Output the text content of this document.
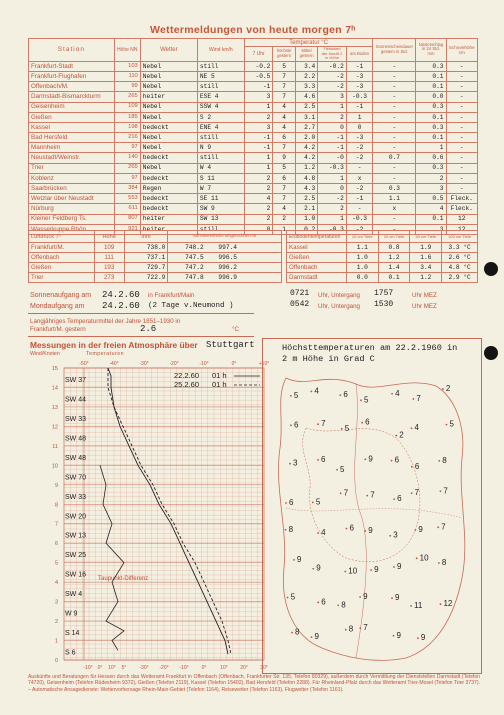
Wettermeldungen von heute morgen 7ʰ
Station	Höhe NN	Wetter	Wind km/h	Temperatur °C					Sonnenscheindauer gestern in Std.	Niederschlag in 24 Std. mm	Schneehöhe cm
				7 Uhr	höchste gestern	Mittel gestern	Tiefstwert der Nacht 2 m Höhe	am Boden			
Frankfurt-Stadt	103	Nebel	still	-0.2	5	3.4	-0.2	-1	-	0.3	-
Frankfurt-Flughafen	110	Nebel	NE 5	-0.5	7	2.2	-2	-3	-	0.1	-
Offenbach/M.	99	Nebel	still	-1	7	3.3	-2	-3	-	0.1	-
Darmstadt-Bismarckturm	265	heiter	ESE 4	3	7	4.6	3	-0.3	-	0.0	-
Geisenheim	109	Nebel	SSW 4	1	4	2.5	1	-1	-	0.3	-
Gießen	185	Nebel	S 2	2	4	3.1	2	1	-	0.1	-
Kassel	198	bedeckt	ENE 4	3	4	2.7	0	0	-	0.3	-
Bad Hersfeld	216	Nebel	still	-1	6	2.0	-1	-3	-	0.1	-
Mannheim	97	Nebel	N 9	-1	7	4.2	-1	-2	-	1	-
Neustadt/Weinstr.	140	bedeckt	still	1	9	4.2	-0	-2	0.7	0.6	-
Trier	265	Nebel	W 4	1	5	1.2	-0.3	-	-	0.3	-
Koblenz	97	bedeckt	S 11	2	6	4.8	1	x	-	2	-
Saarbrücken	384	Regen	W 7	2	7	4.3	0	-2	0.3	3	-
Wetzlar über Neustadt	553	bedeckt	SE 11	4	7	2.5	-2	-1	1.1	0.5	Fleck.
Nürburg	611	bedeckt	SW 9	2	4	2.1	2	-	x	4	Fleck.
Kleiner Feldberg Ts.	807	heiter	SW 13	2	2	1.0	1	-0.3	-	0.1	12
Wasserkuppe Rhön	921	heiter	still	0	1	0.2	-0.3	-2	-	3	12
Luftdruck 7ʰ	Höhe	mm	auf Meereshöhe umgerechnet mb
Frankfurt/M.	109	738.0	748.2 997.4
Offenbach	111	737.1	747.5 996.5
Gießen	193	729.7	747.2 996.2
Trier	273	722.9	747.8 996.9
Erdbodentemperaturen	10 cm Tiefe	20 cm Tiefe	50 cm Tiefe	100 cm Tiefe
Kassel	1.1	0.8	1.9	3.3 °C
Gießen	1.0	1.2	1.6	2.6 °C
Offenbach	1.0	1.4	3.4	4.8 °C
Darmstadt	0.0	0.1	1.2	2.9 °C
Sonnenaufgang am 24.2.60 in Frankfurt/Main	0721 Uhr, Untergang 1757	Uhr MEZ
Mondaufgang am 24.2.60 (2 Tage v.Neumond )	0542 Uhr, Untergang 1530	Uhr MEZ
Langjähriges Temperaturmittel der Jahre 1851–1930 in
Frankfurt/M. gestern	2.6	°C
Messungen in der freien Atmosphäre über Stuttgart
Wind/Knoten	Temperaturen
15
14
13
12
11
10
9
8
7
6
5
4
3
2
1
0
-50°	-40°	-30°	-20°	-10°	0°	+10°
-30° -20° -10°	0°	10° 20° 30°
-10° 0° 10° 5°
SW 37
SW 44
SW 33
SW 48
SW 48
SW 70
SW 33
SW 20
SW 13
SW 25
SW 16
SW 4
W 9
S 14
S 6
22.2.60 01 h
25.2.60 01 h
Taupunkt-Differenz
Höchsttemperaturen am 22.2.1960 in
2 m Höhe in Grad C
5 4	6
5
4
7
2
6	7
5
6
2
4	5
3	6
5
9	6
6
8
6	5
7	7	6
7	7
8	4
6 9
3
9 7
9
9	10 9 9
10
8
5
6 8
9	9
11	12
8
9
8 7
9 9
Auskünfte und Beratungen für Hessen durch das Wetteramt Frankfurt in Offenbach (Offenbach, Frankfurter Str. 135, Telefon 80329), außerdem durch Vermittlung der Dienststellen Darmstadt (Telefon 74720), Geisenheim (Telefon Rüdesheim 9372), Gießen (Telefon 2119), Kassel (Telefon 15402), Bad Hersfeld (Telefon 2288). Für Rheinland-Pfalz durch das Wetteramt Trier-Mosel (Telefon Trier 3737). – Automatische Ansagedienste: Wettervorhersage Rhein-Main-Gebiet (Telefon 1164), Reisewetter (Telefon 1163), Flugwetter (Telefon 1161).
